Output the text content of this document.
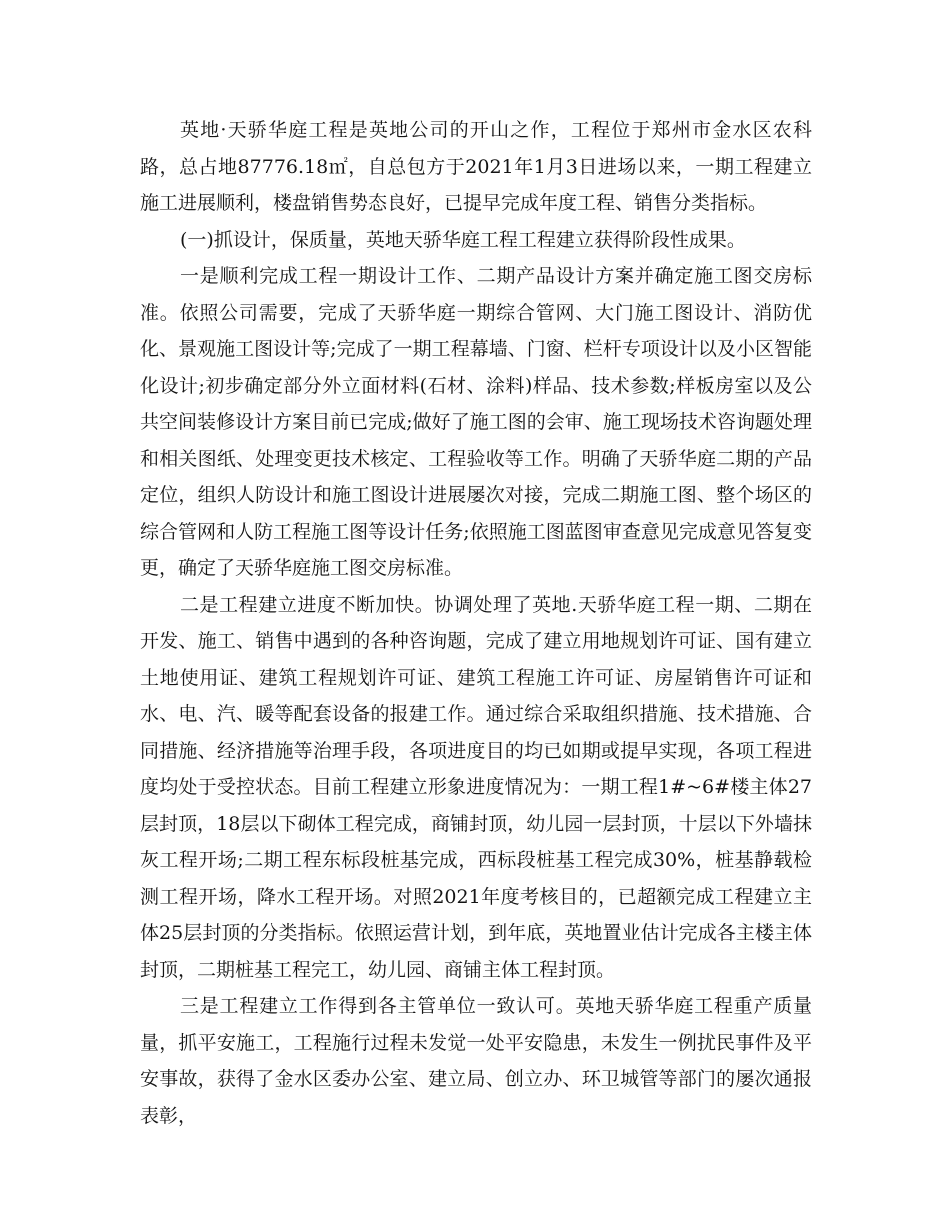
英地·天骄华庭工程是英地公司的开山之作，工程位于郑州市金水区农科路，总占地87776.18㎡，自总包方于2021年1月3日进场以来，一期工程建立施工进展顺利，楼盘销售势态良好，已提早完成年度工程、销售分类指标。

(一)抓设计，保质量，英地天骄华庭工程工程建立获得阶段性成果。

一是顺利完成工程一期设计工作、二期产品设计方案并确定施工图交房标准。依照公司需要，完成了天骄华庭一期综合管网、大门施工图设计、消防优化、景观施工图设计等;完成了一期工程幕墙、门窗、栏杆专项设计以及小区智能化设计;初步确定部分外立面材料(石材、涂料)样品、技术参数;样板房室以及公共空间装修设计方案目前已完成;做好了施工图的会审、施工现场技术咨询题处理和相关图纸、处理变更技术核定、工程验收等工作。明确了天骄华庭二期的产品定位，组织人防设计和施工图设计进展屡次对接，完成二期施工图、整个场区的综合管网和人防工程施工图等设计任务;依照施工图蓝图审查意见完成意见答复变更，确定了天骄华庭施工图交房标准。

二是工程建立进度不断加快。协调处理了英地.天骄华庭工程一期、二期在开发、施工、销售中遇到的各种咨询题，完成了建立用地规划许可证、国有建立土地使用证、建筑工程规划许可证、建筑工程施工许可证、房屋销售许可证和水、电、汽、暖等配套设备的报建工作。通过综合采取组织措施、技术措施、合同措施、经济措施等治理手段，各项进度目的均已如期或提早实现，各项工程进度均处于受控状态。目前工程建立形象进度情况为：一期工程1#~6#楼主体27层封顶，18层以下砌体工程完成，商铺封顶，幼儿园一层封顶，十层以下外墙抹灰工程开场;二期工程东标段桩基完成，西标段桩基工程完成30%，桩基静载检测工程开场，降水工程开场。对照2021年度考核目的，已超额完成工程建立主体25层封顶的分类指标。依照运营计划，到年底，英地置业估计完成各主楼主体封顶，二期桩基工程完工，幼儿园、商铺主体工程封顶。

三是工程建立工作得到各主管单位一致认可。英地天骄华庭工程重产质量量，抓平安施工，工程施行过程未发觉一处平安隐患，未发生一例扰民事件及平安事故，获得了金水区委办公室、建立局、创立办、环卫城管等部门的屡次通报表彰，
